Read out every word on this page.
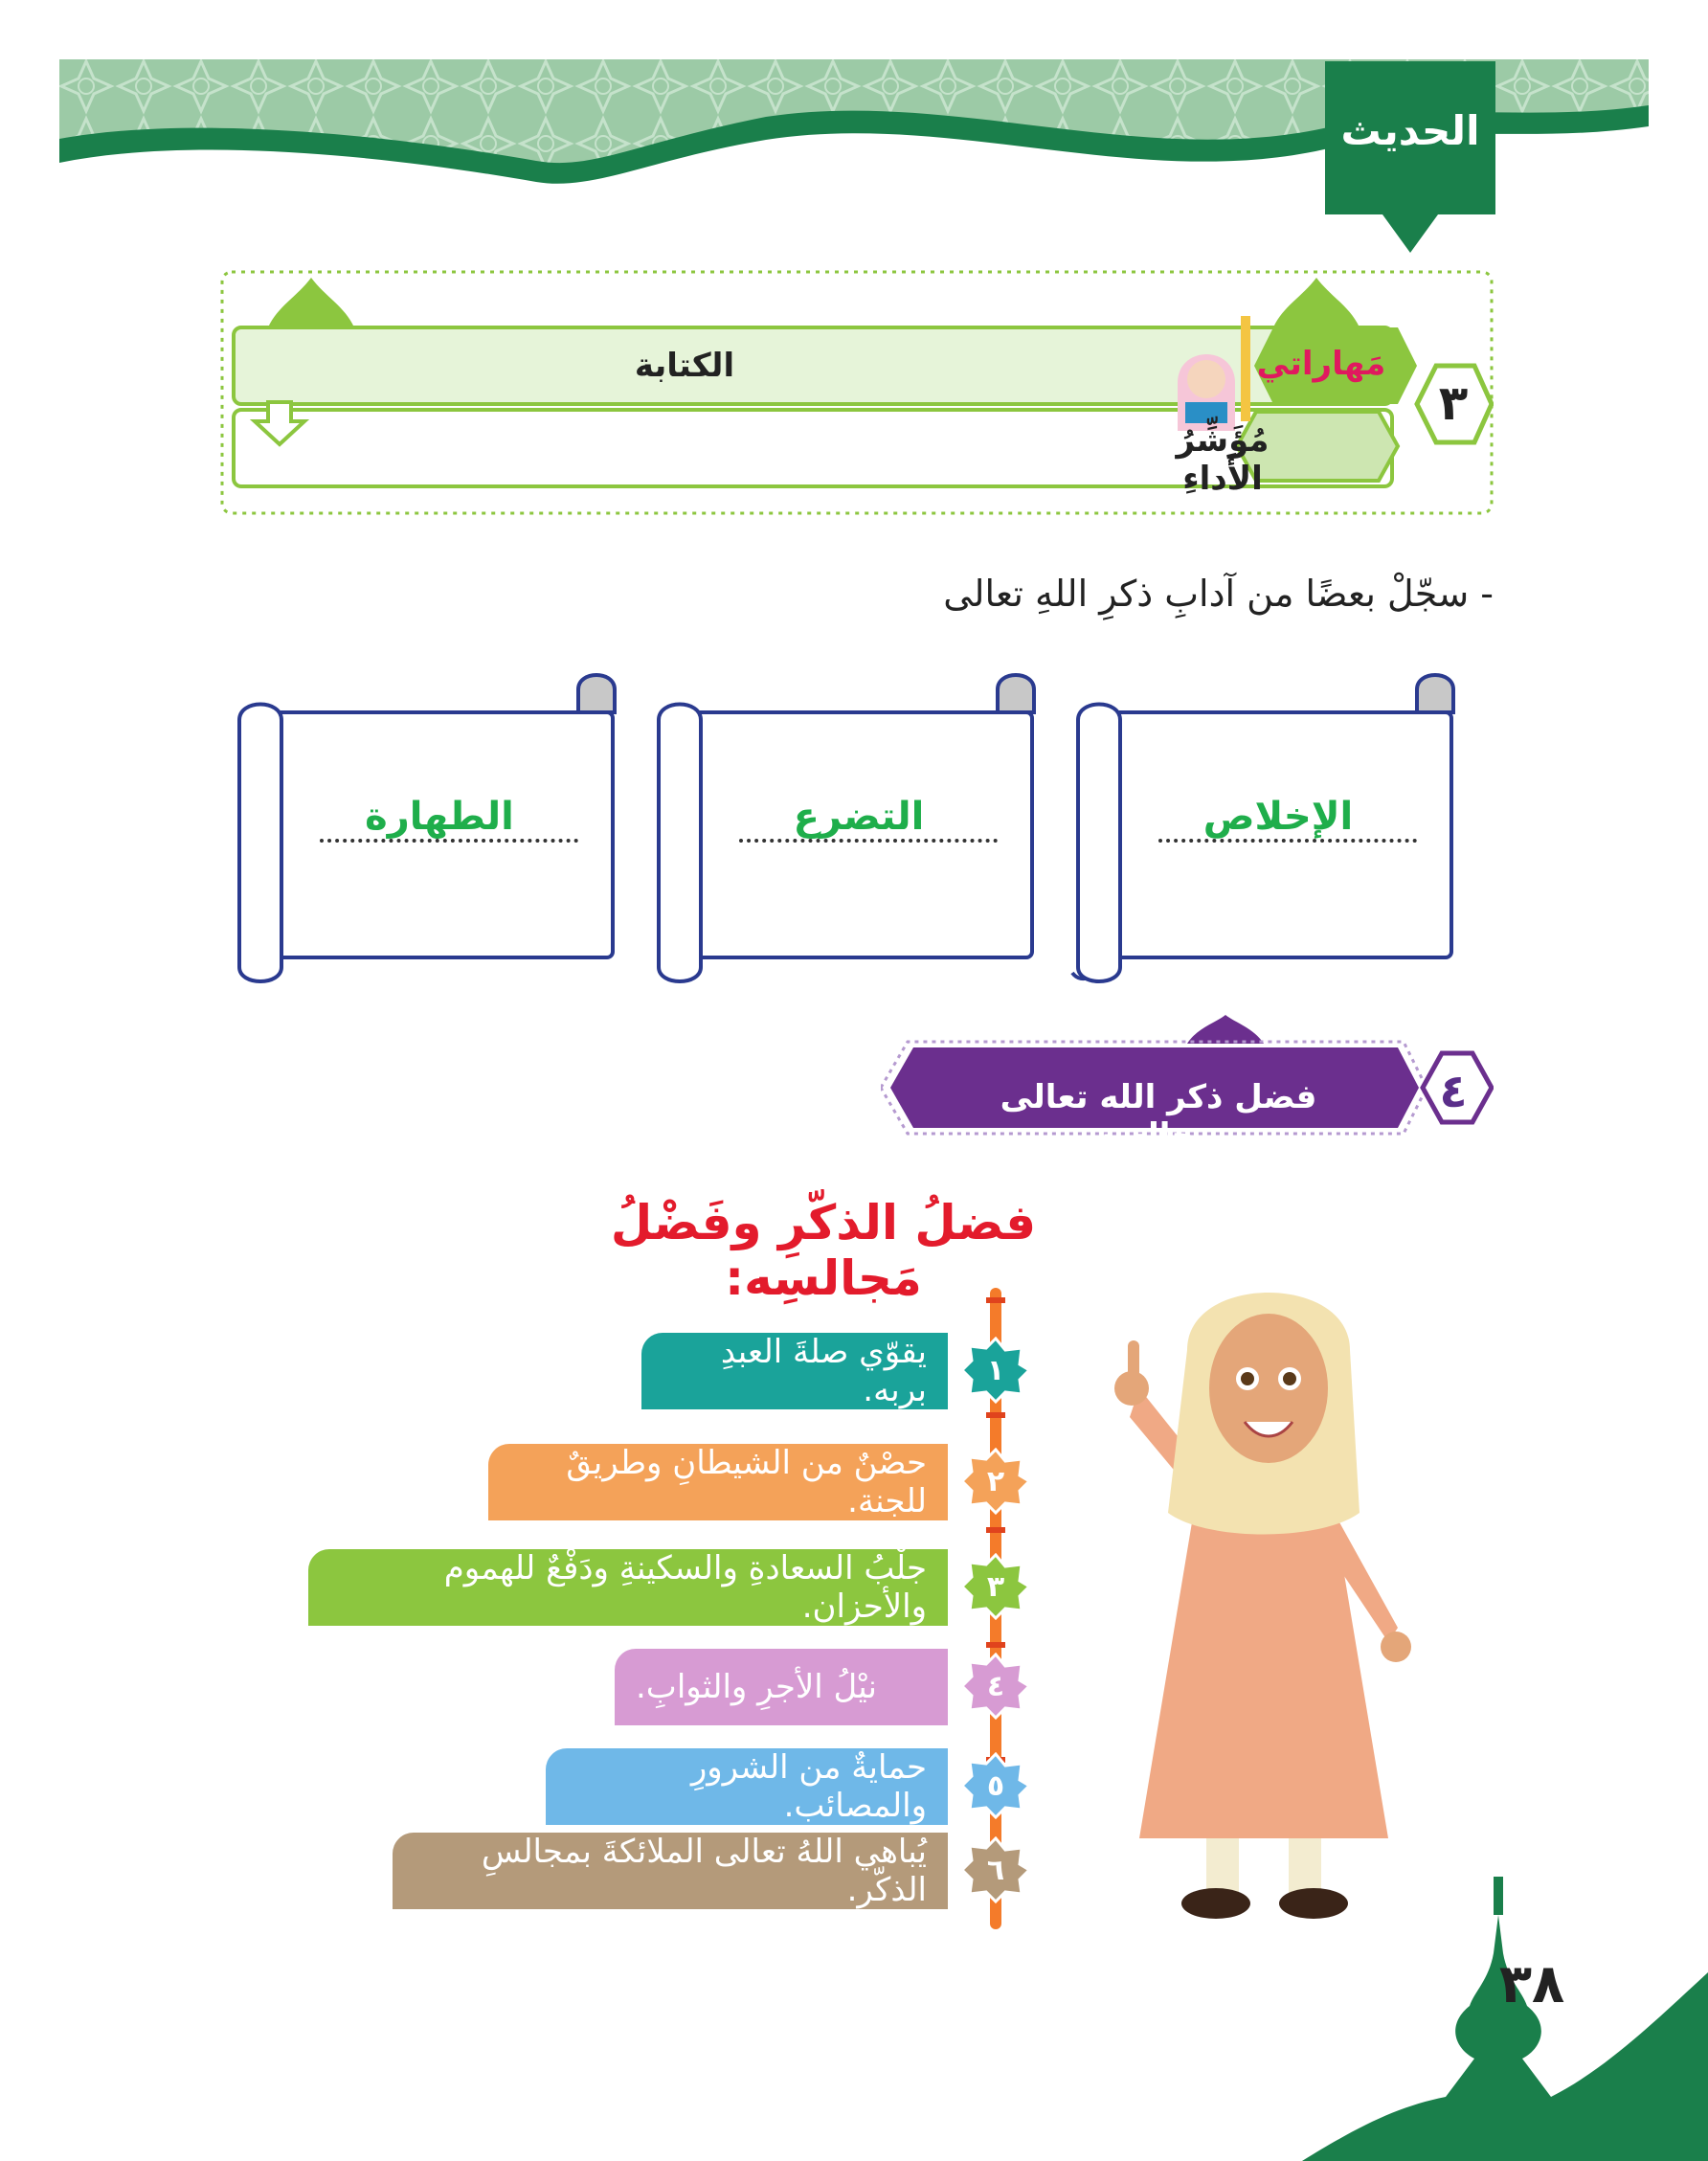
الحديث
الكتابة	مَهاراتي
مُؤَشِّرُ الأَداءِ
٣
- سجّلْ بعضًا من آدابِ ذكرِ اللهِ تعالى
الإخلاص
التضرع
الطهارة
فضل ذكر الله تعالى ومجالسِه.
٤
فضلُ الذكّرِ وفَضْلُ مَجالسِه:
يقوّي صلةَ العبدِ بربه.
١
حصْنٌ من الشيطانِ وطريقٌ للجنة.
٢
جلْبُ السعادةِ والسكينةِ ودَفْعٌ للهموم والأحزان.
٣
نيْلُ الأجرِ والثوابِ.	٤
حمايةٌ من الشرورِ والمصائب.
٥
يُباهي اللهُ تعالى الملائكةَ بمجالسِ الذكّر.
٦
٣٨
